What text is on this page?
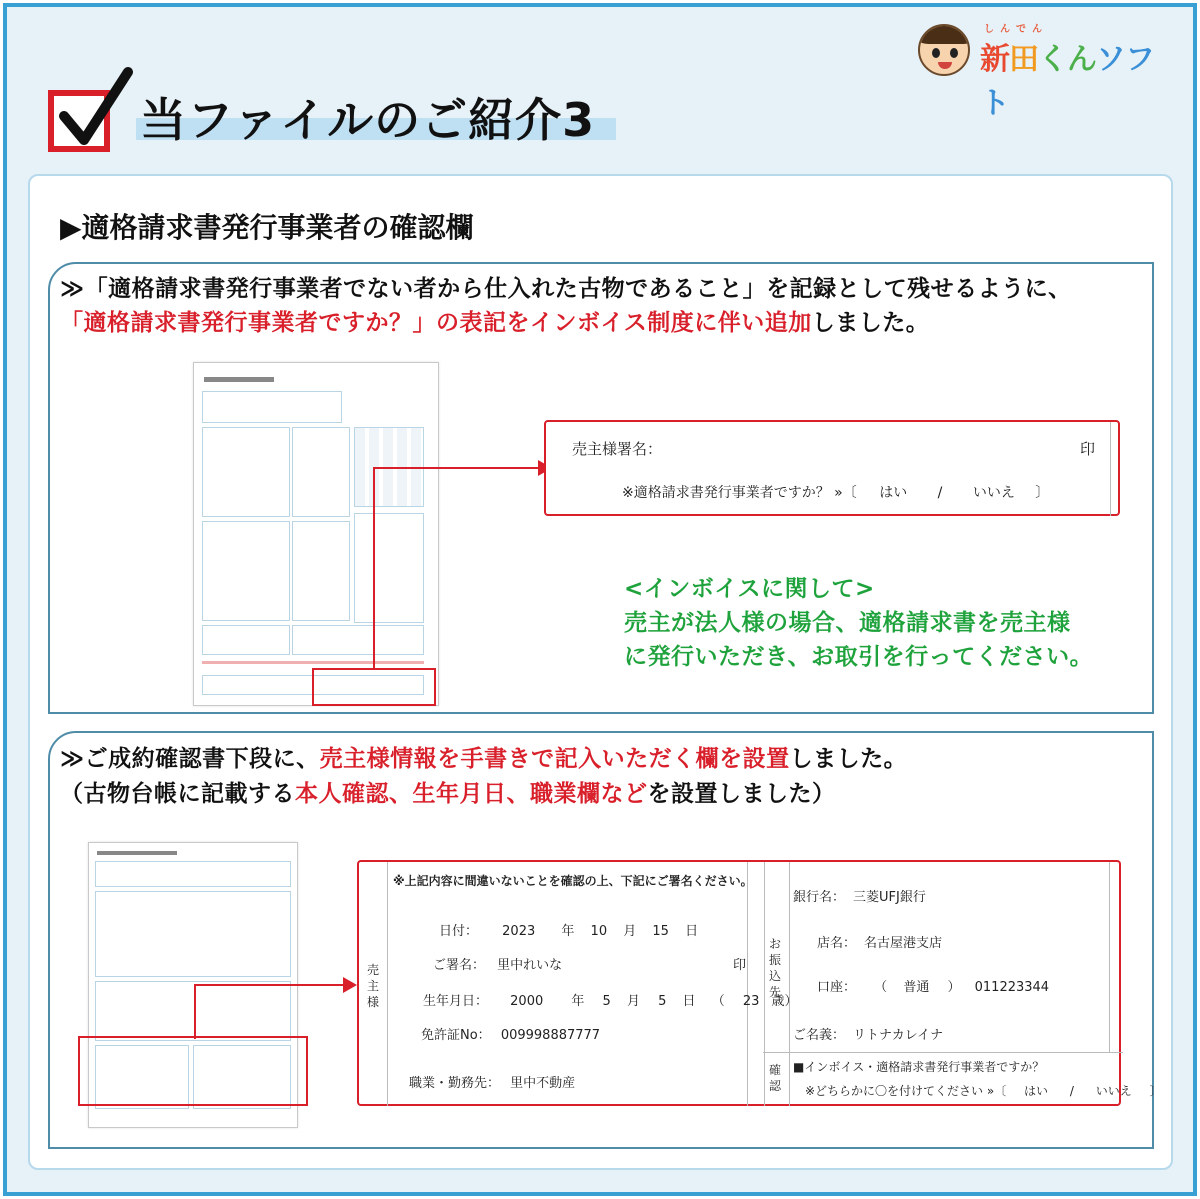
しんでん
新田くんソフト
当ファイルのご紹介3
▶適格請求書発行事業者の確認欄
≫「適格請求書発行事業者でない者から仕入れた古物であること」を記録として残せるように、
「適格請求書発行事業者ですか？」の表記をインボイス制度に伴い追加しました。
売主様署名：	印
※適格請求書発行事業者ですか？ »〔 はい / いいえ 〕
<インボイスに関して>
売主が法人様の場合、適格請求書を売主様
に発行いただき、お取引を行ってください。
≫ご成約確認書下段に、売主様情報を手書きで記入いただく欄を設置しました。
（古物台帳に記載する本人確認、生年月日、職業欄などを設置しました）
売主様
※上記内容に間違いないことを確認の上、下記にご署名ください。
日付： 2023 年 10 月 15 日
ご署名： 里中れいな	印
生年月日： 2000 年 5 月 5 日 （ 23 歳）
免許証No： 009998887777
職業・勤務先： 里中不動産
お振込先
確認
銀行名： 三菱UFJ銀行
店名： 名古屋港支店
口座： （ 普通 ） 011223344
ご名義： リトナカレイナ
■インボイス・適格請求書発行事業者ですか？
※どちらかに〇を付けてください »〔 はい / いいえ 〕
